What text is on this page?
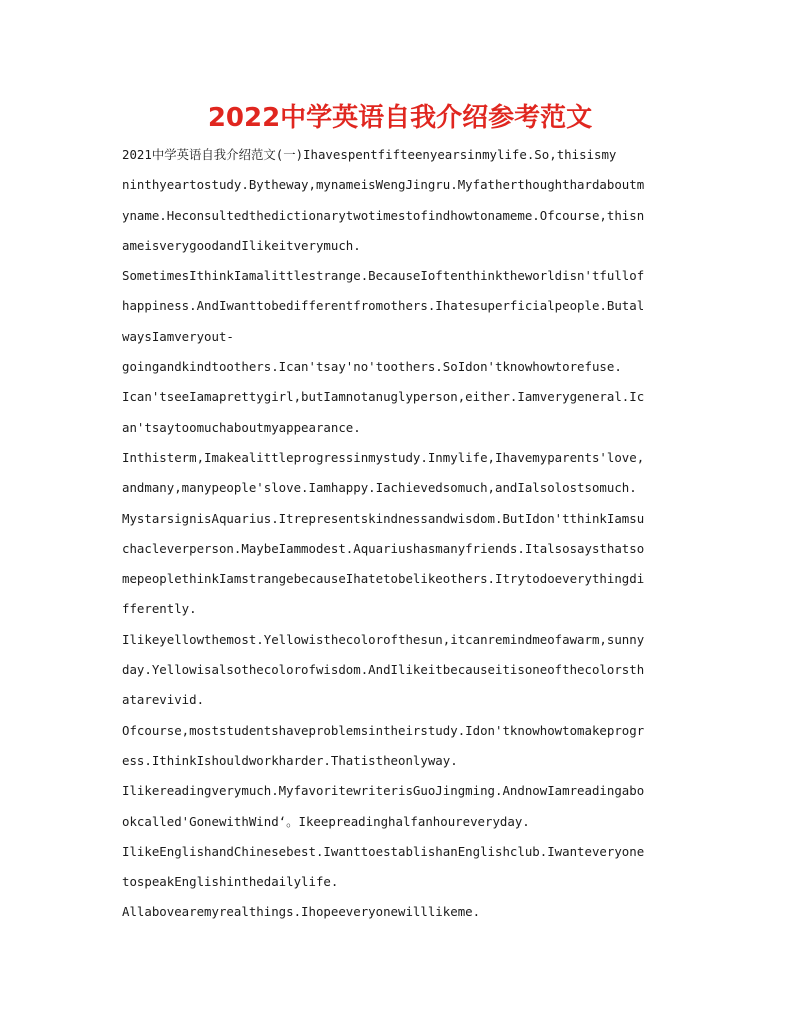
2022中学英语自我介绍参考范文
2021中学英语自我介绍范文(一)Ihavespentfifteenyearsinmylife.So,thisismy
ninthyeartostudy.Bytheway,mynameisWengJingru.Myfatherthoughthardaboutm
yname.Heconsultedthedictionarytwotimestofindhowtonameme.Ofcourse,thisn
ameisverygoodandIlikeitverymuch.
SometimesIthinkIamalittlestrange.BecauseIoftenthinktheworldisn'tfullof
happiness.AndIwanttobedifferentfromothers.Ihatesuperficialpeople.Butal
waysIamveryout-
goingandkindtoothers.Ican'tsay'no'toothers.SoIdon'tknowhowtorefuse.
Ican'tseeIamaprettygirl,butIamnotanuglyperson,either.Iamverygeneral.Ic
an'tsaytoomuchaboutmyappearance.
Inthisterm,Imakealittleprogressinmystudy.Inmylife,Ihavemyparents'love,
andmany,manypeople'slove.Iamhappy.Iachievedsomuch,andIalsolostsomuch.
MystarsignisAquarius.Itrepresentskindnessandwisdom.ButIdon'tthinkIamsu
chacleverperson.MaybeIammodest.Aquariushasmanyfriends.Italsosaysthatso
mepeoplethinkIamstrangebecauseIhatetobelikeothers.Itrytodoeverythingdi
fferently.
Ilikeyellowthemost.Yellowisthecolorofthesun,itcanremindmeofawarm,sunny
day.Yellowisalsothecolorofwisdom.AndIlikeitbecauseitisoneofthecolorsth
atarevivid.
Ofcourse,moststudentshaveproblemsintheirstudy.Idon'tknowhowtomakeprogr
ess.IthinkIshouldworkharder.Thatistheonlyway.
Ilikereadingverymuch.MyfavoritewriterisGuoJingming.AndnowIamreadingabo
okcalled'GonewithWind‘。Ikeepreadinghalfanhoureveryday.
IlikeEnglishandChinesebest.IwanttoestablishanEnglishclub.Iwanteveryone
tospeakEnglishinthedailylife.
Allabovearemyrealthings.Ihopeeveryonewilllikeme.
